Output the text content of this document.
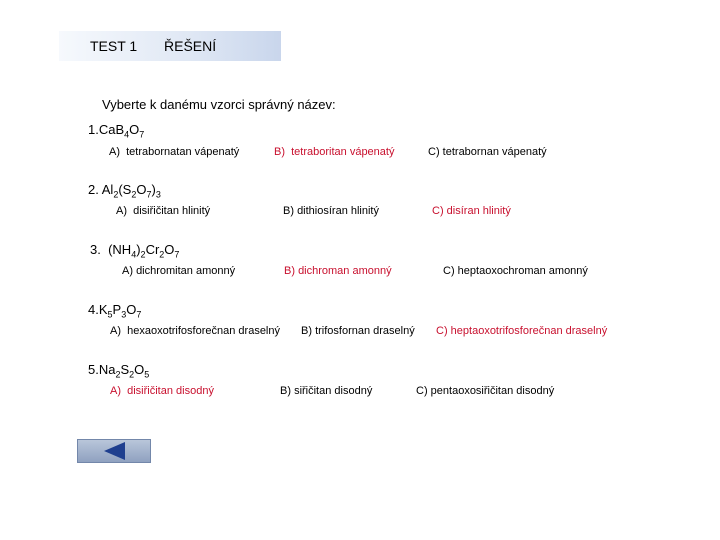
TEST 1 ŘEŠENÍ
Vyberte k danému vzorci správný název:
$1.CaB_4O_7$
A) tetrabornatan vápenatý	B) tetraboritan vápenatý	C) tetrabornan vápenatý
2. $Al_2(S_2O_7)_3$
A) disiřičitan hlinitý	B) dithiosíran hlinitý	C) disíran hlinitý
3.  $(NH_4)_2Cr_2O_7$
A) dichromitan amonný	B) dichroman amonný	C) heptaoxochroman amonný
$4.K_5P_3O_7$
A) hexaoxotrifosforečnan draselný B) trifosfornan draselný C) heptaoxotrifosforečnan draselný
$5.Na_2S_2O_5$
A) disiřičitan disodný	B) siřičitan disodný	C) pentaoxosiřičitan disodný
